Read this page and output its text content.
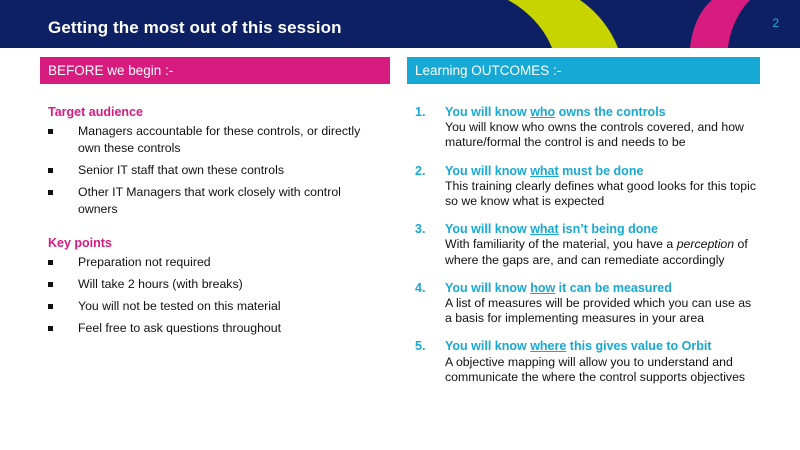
Getting the most out of this session	2
BEFORE we begin :-	Learning OUTCOMES :-
Target audience
Managers accountable for these controls, or directly own these controls
Senior IT staff that own these controls
Other IT Managers that work closely with control owners
Key points
Preparation not required
Will take 2 hours (with breaks)
You will not be tested on this material
Feel free to ask questions throughout
1. You will know who owns the controls
You will know who owns the controls covered, and how mature/formal the control is and needs to be
2. You will know what must be done
This training clearly defines what good looks for this topic so we know what is expected
3. You will know what isn’t being done
With familiarity of the material, you have a perception of where the gaps are, and can remediate accordingly
4. You will know how it can be measured
A list of measures will be provided which you can use as a basis for implementing measures in your area
5. You will know where this gives value to Orbit
A objective mapping will allow you to understand and communicate the where the control supports objectives
